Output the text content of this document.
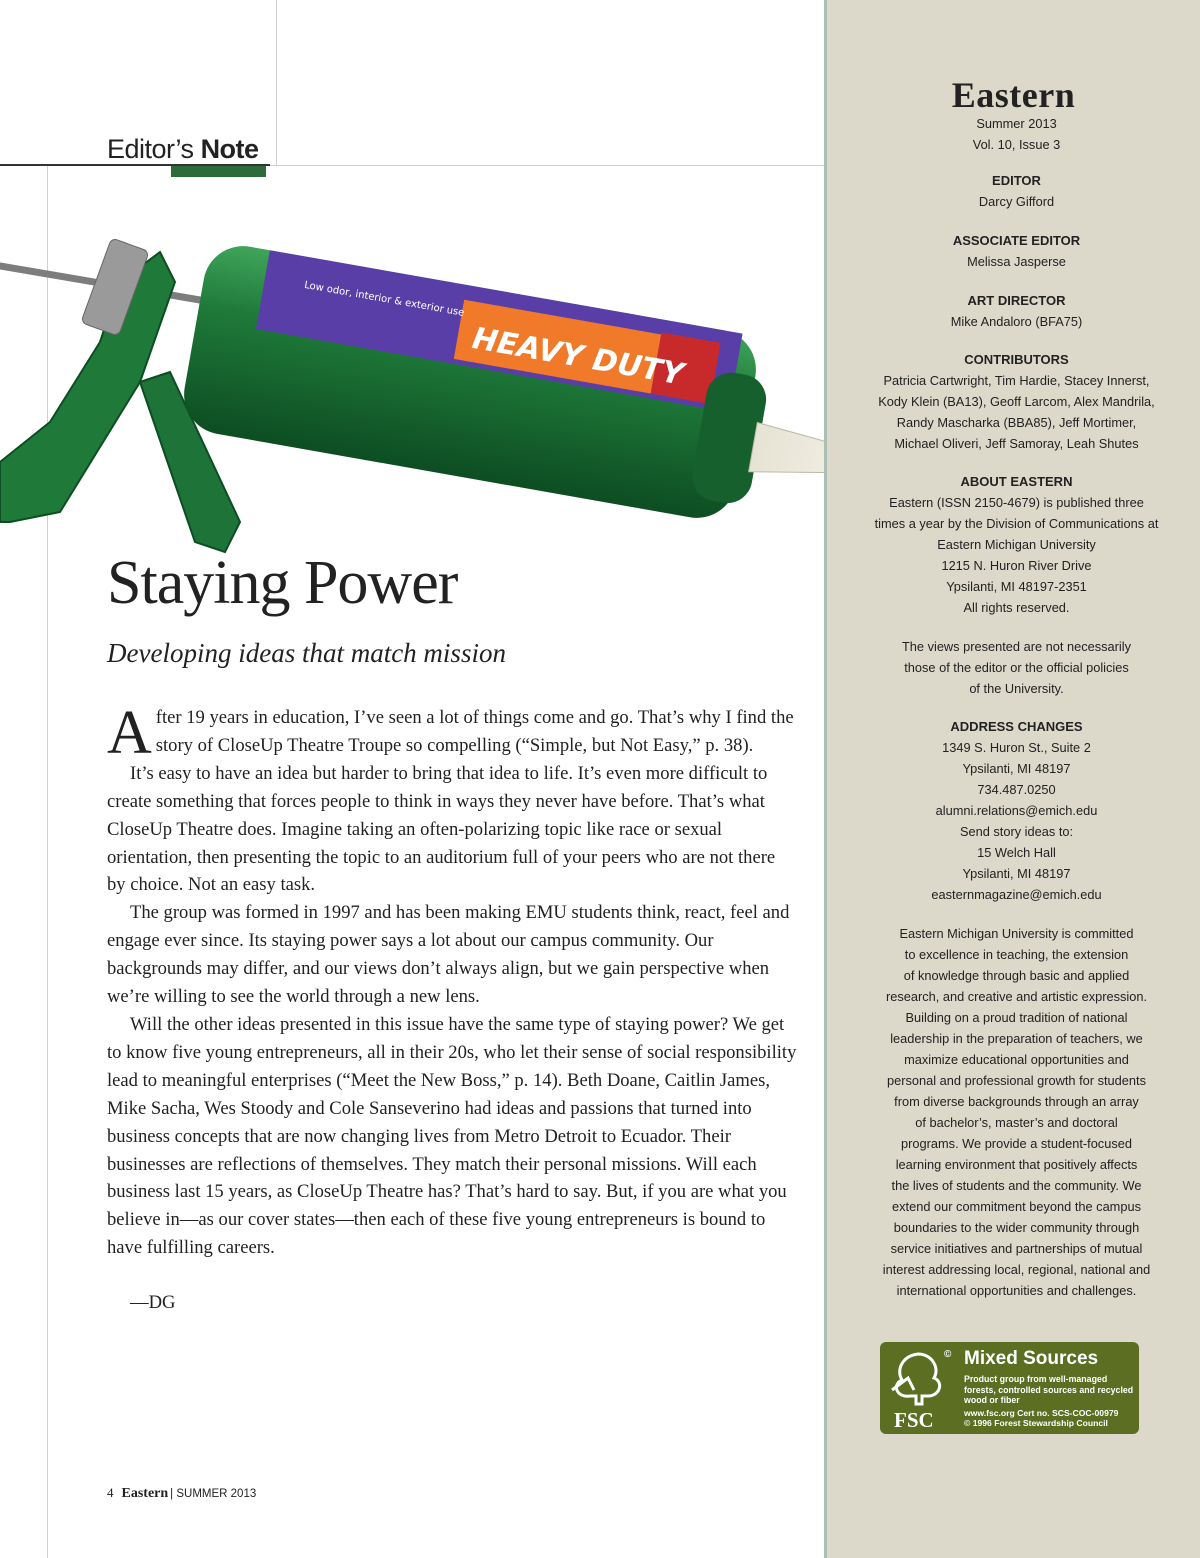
Editor’s Note
HEAVY DUTY
Low odor, interior & exterior use
Staying Power
Developing ideas that match mission

After 19 years in education, I’ve seen a lot of things come and go. That’s why I find the story of CloseUp Theatre Troupe so compelling (“Simple, but Not Easy,” p. 38).

It’s easy to have an idea but harder to bring that idea to life. It’s even more difficult to create something that forces people to think in ways they never have before. That’s what CloseUp Theatre does. Imagine taking an often-polarizing topic like race or sexual orientation, then presenting the topic to an auditorium full of your peers who are not there by choice. Not an easy task.

The group was formed in 1997 and has been making EMU students think, react, feel and engage ever since. Its staying power says a lot about our campus community. Our backgrounds may differ, and our views don’t always align, but we gain perspective when we’re willing to see the world through a new lens.

Will the other ideas presented in this issue have the same type of staying power? We get to know five young entrepreneurs, all in their 20s, who let their sense of social responsibility lead to meaningful enterprises (“Meet the New Boss,” p. 14). Beth Doane, Caitlin James, Mike Sacha, Wes Stoody and Cole Sanseverino had ideas and passions that turned into business concepts that are now changing lives from Metro Detroit to Ecuador. Their businesses are reflections of themselves. They match their personal missions. Will each business last 15 years, as CloseUp Theatre has? That’s hard to say. But, if you are what you believe in—as our cover states—then each of these five young entrepreneurs is bound to have fulfilling careers.

—DG
4 Eastern | SUMMER 2013
Eastern
Summer 2013
Vol. 10, Issue 3
EDITOR
Darcy Gifford
ASSOCIATE EDITOR
Melissa Jasperse
ART DIRECTOR
Mike Andaloro (BFA75)
CONTRIBUTORS
Patricia Cartwright, Tim Hardie, Stacey Innerst,
Kody Klein (BA13), Geoff Larcom, Alex Mandrila,
Randy Mascharka (BBA85), Jeff Mortimer,
Michael Oliveri, Jeff Samoray, Leah Shutes
ABOUT EASTERN
Eastern (ISSN 2150-4679) is published three
times a year by the Division of Communications at
Eastern Michigan University
1215 N. Huron River Drive
Ypsilanti, MI 48197-2351
All rights reserved.
The views presented are not necessarily
those of the editor or the official policies
of the University.
ADDRESS CHANGES
1349 S. Huron St., Suite 2
Ypsilanti, MI 48197
734.487.0250
alumni.relations@emich.edu
Send story ideas to:
15 Welch Hall
Ypsilanti, MI 48197
easternmagazine@emich.edu
Eastern Michigan University is committed
to excellence in teaching, the extension
of knowledge through basic and applied
research, and creative and artistic expression.
Building on a proud tradition of national
leadership in the preparation of teachers, we
maximize educational opportunities and
personal and professional growth for students
from diverse backgrounds through an array
of bachelor’s, master’s and doctoral
programs. We provide a student-focused
learning environment that positively affects
the lives of students and the community. We
extend our commitment beyond the campus
boundaries to the wider community through
service initiatives and partnerships of mutual
interest addressing local, regional, national and
international opportunities and challenges.
©
FSC
Mixed Sources
Product group from well-managed forests, controlled sources and recycled wood or fiber
www.fsc.org Cert no. SCS-COC-00979
© 1996 Forest Stewardship Council
